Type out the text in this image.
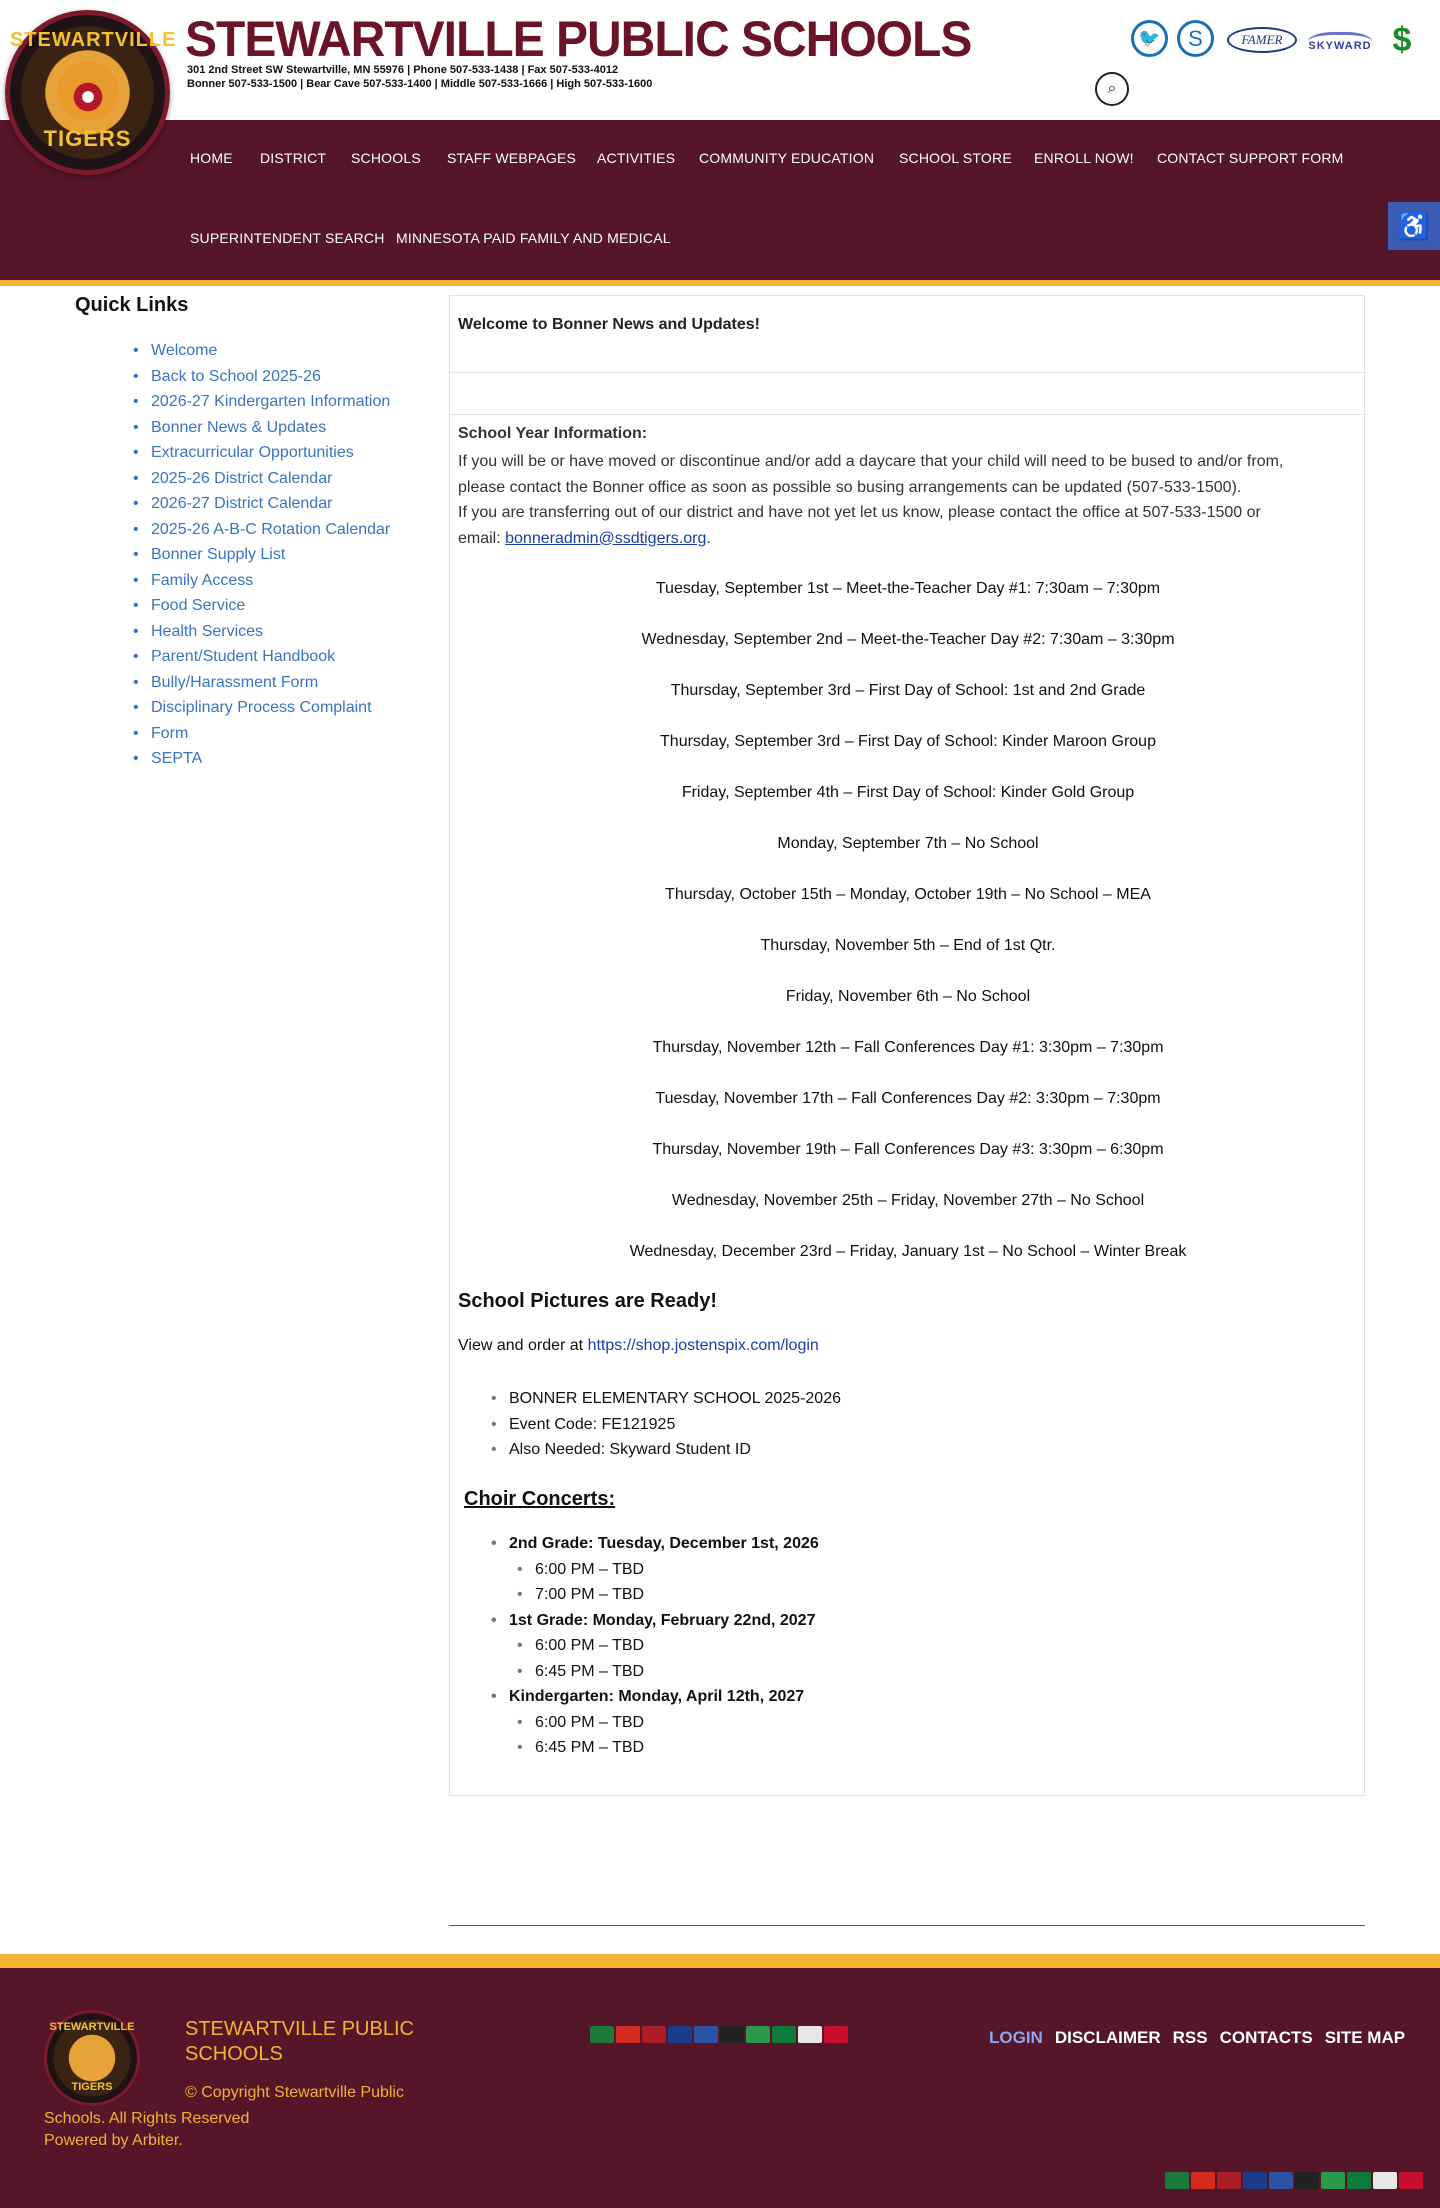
STEWARTVILLE PUBLIC SCHOOLS
301 2nd Street SW Stewartville, MN 55976 | Phone 507-533-1438 | Fax 507-533-4012
Bonner 507-533-1500 | Bear Cave 507-533-1400 | Middle 507-533-1666 | High 507-533-1600
🐦	S	FAMER	SKYWARD $
⌕
STEWARTVILLE
TIGERS
HOME DISTRICT SCHOOLS STAFF WEBPAGES ACTIVITIES COMMUNITY EDUCATION SCHOOL STORE ENROLL NOW! CONTACT SUPPORT FORM
SUPERINTENDENT SEARCH MINNESOTA PAID FAMILY AND MEDICAL	♿
Quick Links
• Welcome
• Back to School 2025-26
• 2026-27 Kindergarten Information
• Bonner News & Updates
• Extracurricular Opportunities
• 2025-26 District Calendar
• 2026-27 District Calendar
• 2025-26 A-B-C Rotation Calendar
• Bonner Supply List
• Family Access
• Food Service
• Health Services
• Parent/Student Handbook
• Bully/Harassment Form
• Disciplinary Process Complaint
• Form
• SEPTA
Welcome to Bonner News and Updates!
School Year Information:
If you will be or have moved or discontinue and/or add a daycare that your child will need to be bused to and/or from,
please contact the Bonner office as soon as possible so busing arrangements can be updated (507-533-1500).
If you are transferring out of our district and have not yet let us know, please contact the office at 507-533-1500 or
email: bonneradmin@ssdtigers.org.
Tuesday, September 1st – Meet-the-Teacher Day #1: 7:30am – 7:30pm
Wednesday, September 2nd – Meet-the-Teacher Day #2: 7:30am – 3:30pm
Thursday, September 3rd – First Day of School: 1st and 2nd Grade
Thursday, September 3rd – First Day of School: Kinder Maroon Group
Friday, September 4th – First Day of School: Kinder Gold Group
Monday, September 7th – No School
Thursday, October 15th – Monday, October 19th – No School – MEA
Thursday, November 5th – End of 1st Qtr.
Friday, November 6th – No School
Thursday, November 12th – Fall Conferences Day #1: 3:30pm – 7:30pm
Tuesday, November 17th – Fall Conferences Day #2: 3:30pm – 7:30pm
Thursday, November 19th – Fall Conferences Day #3: 3:30pm – 6:30pm
Wednesday, November 25th – Friday, November 27th – No School
Wednesday, December 23rd – Friday, January 1st – No School – Winter Break
School Pictures are Ready!
View and order at https://shop.jostenspix.com/login
• BONNER ELEMENTARY SCHOOL 2025-2026
• Event Code: FE121925
• Also Needed: Skyward Student ID
Choir Concerts:
• 2nd Grade: Tuesday, December 1st, 2026
• 6:00 PM – TBD
• 7:00 PM – TBD
• 1st Grade: Monday, February 22nd, 2027
• 6:00 PM – TBD
• 6:45 PM – TBD
• Kindergarten: Monday, April 12th, 2027
• 6:00 PM – TBD
• 6:45 PM – TBD
STEWARTVILLE
TIGERS
STEWARTVILLE PUBLIC SCHOOLS
© Copyright Stewartville Public Schools. All Rights Reserved
Powered by Arbiter.
LOGIN DISCLAIMER RSS CONTACTS SITE MAP
